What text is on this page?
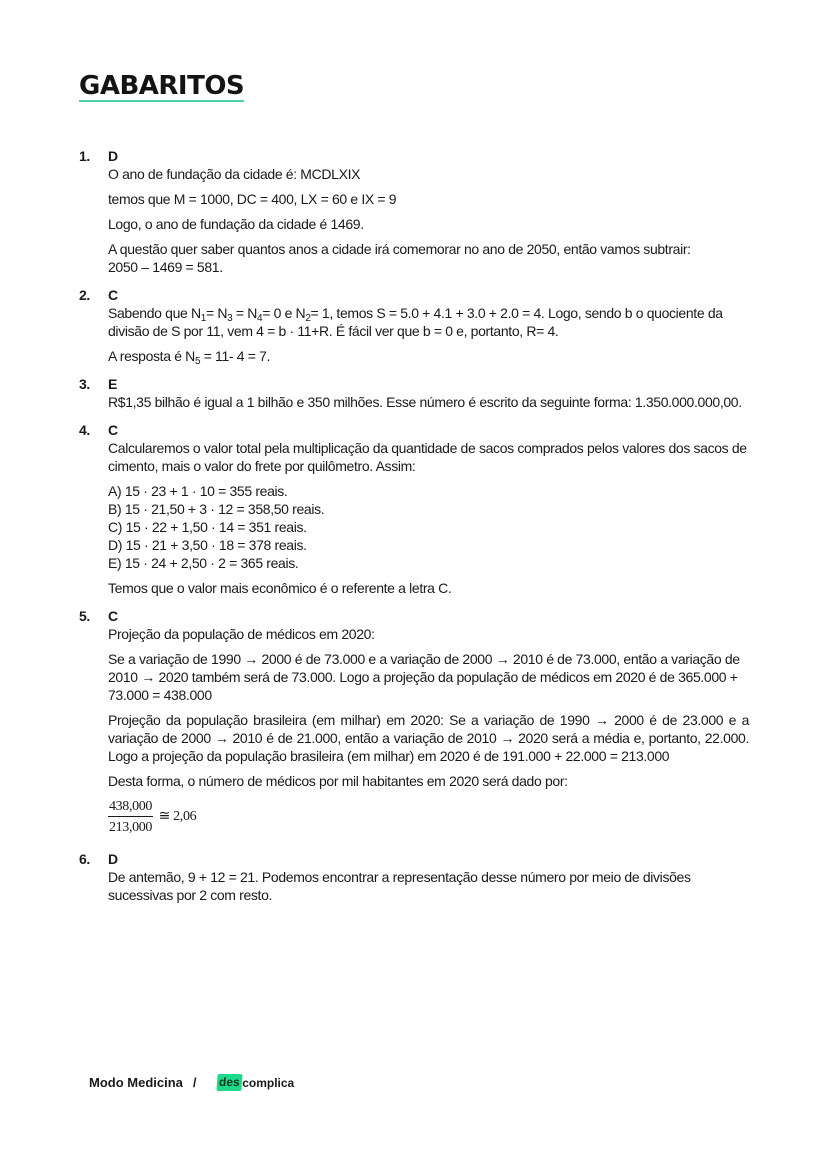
GABARITOS
1. D

O ano de fundação da cidade é: MCDLXIX

temos que M = 1000, DC = 400, LX = 60 e IX = 9

Logo, o ano de fundação da cidade é 1469.

A questão quer saber quantos anos a cidade irá comemorar no ano de 2050, então vamos subtrair:

2050 – 1469 = 581.

2. C

Sabendo que $N_1= N_3 = N_4= 0$ e $N_2= 1$, temos S = 5.0 + 4.1 + 3.0 + 2.0 = 4. Logo, sendo b o quociente da divisão de S por 11, vem 4 = b · 11+R. É fácil ver que b = 0 e, portanto, R= 4.

A resposta é $N_5 = 11-$ 4 = 7.

3. E

R$1,35 bilhão é igual a 1 bilhão e 350 milhões. Esse número é escrito da seguinte forma: 1.350.000.000,00.

4. C

Calcularemos o valor total pela multiplicação da quantidade de sacos comprados pelos valores dos sacos de cimento, mais o valor do frete por quilômetro. Assim:

A) 15 · 23 + 1 · 10 = 355 reais.
B) 15 · 21,50 + 3 · 12 = 358,50 reais.
C) 15 · 22 + 1,50 · 14 = 351 reais.
D) 15 · 21 + 3,50 · 18 = 378 reais.
E) 15 · 24 + 2,50 · 2 = 365 reais.

Temos que o valor mais econômico é o referente a letra C.

5. C

Projeção da população de médicos em 2020:

Se a variação de 1990 → 2000 é de 73.000 e a variação de 2000 → 2010 é de 73.000, então a variação de 2010 → 2020 também será de 73.000. Logo a projeção da população de médicos em 2020 é de 365.000 + 73.000 = 438.000

Projeção da população brasileira (em milhar) em 2020: Se a variação de 1990 → 2000 é de 23.000 e a variação de 2000 → 2010 é de 21.000, então a variação de 2010 → 2020 será a média e, portanto, 22.000. Logo a projeção da população brasileira (em milhar) em 2020 é de 191.000 + 22.000 = 213.000

Desta forma, o número de médicos por mil habitantes em 2020 será dado por:

$\frac{438,000}{213,000}$ ≅ 2,06
6. D

De antemão, 9 + 12 = 21. Podemos encontrar a representação desse número por meio de divisões sucessivas por 2 com resto.

Modo Medicina / des complica
